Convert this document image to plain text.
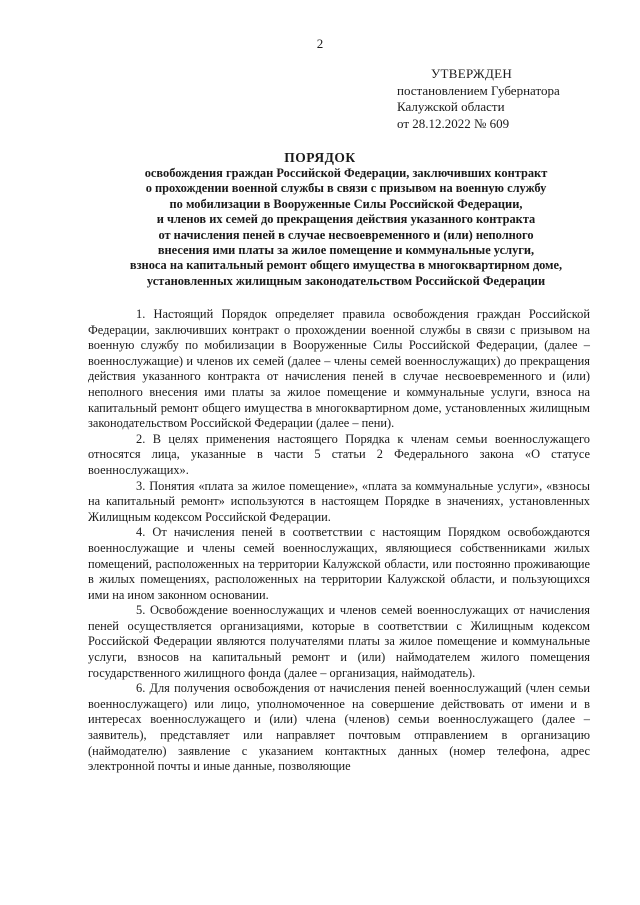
2
УТВЕРЖДЕН
постановлением Губернатора
Калужской области
от 28.12.2022 № 609
ПОРЯДОК
освобождения граждан Российской Федерации, заключивших контракт
о прохождении военной службы в связи с призывом на военную службу
по мобилизации в Вооруженные Силы Российской Федерации,
и членов их семей до прекращения действия указанного контракта
от начисления пеней в случае несвоевременного и (или) неполного
внесения ими платы за жилое помещение и коммунальные услуги,
взноса на капитальный ремонт общего имущества в многоквартирном доме,
установленных жилищным законодательством Российской Федерации

1. Настоящий Порядок определяет правила освобождения граждан Российской Федерации, заключивших контракт о прохождении военной службы в связи с призывом на военную службу по мобилизации в Вооруженные Силы Российской Федерации, (далее – военнослужащие) и членов их семей (далее – члены семей военнослужащих) до прекращения действия указанного контракта от начисления пеней в случае несвоевременного и (или) неполного внесения ими платы за жилое помещение и коммунальные услуги, взноса на капитальный ремонт общего имущества в многоквартирном доме, установленных жилищным законодательством Российской Федерации (далее – пени).

2. В целях применения настоящего Порядка к членам семьи военнослужащего относятся лица, указанные в части 5 статьи 2 Федерального закона «О статусе военнослужащих».

3. Понятия «плата за жилое помещение», «плата за коммунальные услуги», «взносы на капитальный ремонт» используются в настоящем Порядке в значениях, установленных Жилищным кодексом Российской Федерации.

4. От начисления пеней в соответствии с настоящим Порядком освобождаются военнослужащие и члены семей военнослужащих, являющиеся собственниками жилых помещений, расположенных на территории Калужской области, или постоянно проживающие в жилых помещениях, расположенных на территории Калужской области, и пользующихся ими на ином законном основании.

5. Освобождение военнослужащих и членов семей военнослужащих от начисления пеней осуществляется организациями, которые в соответствии с Жилищным кодексом Российской Федерации являются получателями платы за жилое помещение и коммунальные услуги, взносов на капитальный ремонт и (или) наймодателем жилого помещения государственного жилищного фонда (далее – организация, наймодатель).

6. Для получения освобождения от начисления пеней военнослужащий (член семьи военнослужащего) или лицо, уполномоченное на совершение действовать от имени и в интересах военнослужащего и (или) члена (членов) семьи военнослужащего (далее – заявитель), представляет или направляет почтовым отправлением в организацию (наймодателю) заявление с указанием контактных данных (номер телефона, адрес электронной почты и иные данные, позволяющие
